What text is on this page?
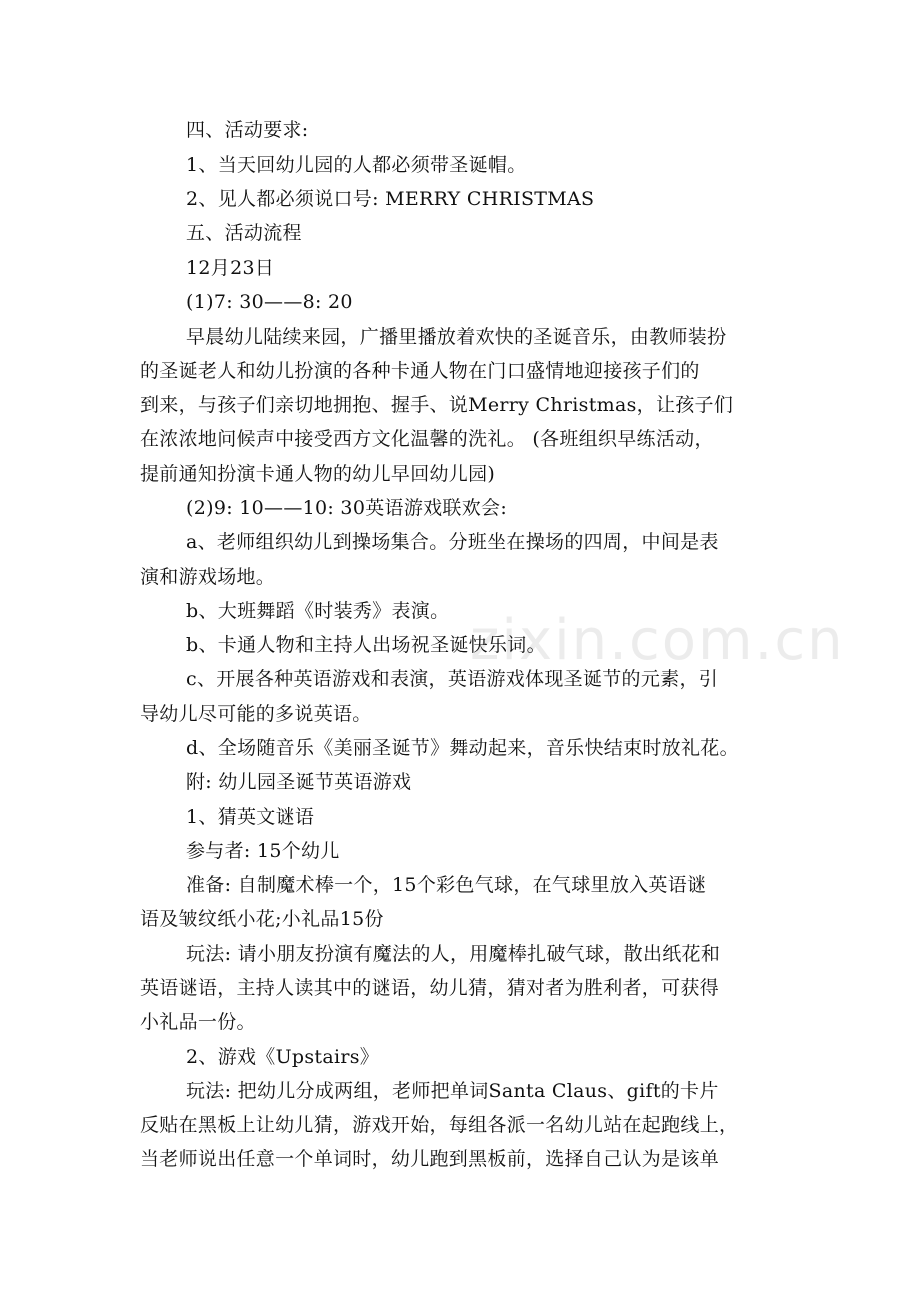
四、活动要求:
1、当天回幼儿园的人都必须带圣诞帽。
2、见人都必须说口号: MERRY CHRISTMAS
五、活动流程
12月23日
(1)7: 30——8: 20
早晨幼儿陆续来园，广播里播放着欢快的圣诞音乐，由教师装扮
的圣诞老人和幼儿扮演的各种卡通人物在门口盛情地迎接孩子们的
到来，与孩子们亲切地拥抱、握手、说Merry Christmas，让孩子们
在浓浓地问候声中接受西方文化温馨的洗礼。 (各班组织早练活动，
提前通知扮演卡通人物的幼儿早回幼儿园)
(2)9: 10——10: 30英语游戏联欢会:
a、老师组织幼儿到操场集合。分班坐在操场的四周，中间是表
演和游戏场地。
b、大班舞蹈《时装秀》表演。
b、卡通人物和主持人出场祝圣诞快乐词。
c、开展各种英语游戏和表演，英语游戏体现圣诞节的元素，引
导幼儿尽可能的多说英语。
d、全场随音乐《美丽圣诞节》舞动起来，音乐快结束时放礼花。
附: 幼儿园圣诞节英语游戏
1、猜英文谜语
参与者: 15个幼儿
准备: 自制魔术棒一个，15个彩色气球，在气球里放入英语谜
语及皱纹纸小花;小礼品15份
玩法: 请小朋友扮演有魔法的人，用魔棒扎破气球，散出纸花和
英语谜语，主持人读其中的谜语，幼儿猜，猜对者为胜利者，可获得
小礼品一份。
2、游戏《Upstairs》
玩法: 把幼儿分成两组，老师把单词Santa Claus、gift的卡片
反贴在黑板上让幼儿猜，游戏开始，每组各派一名幼儿站在起跑线上，
当老师说出任意一个单词时，幼儿跑到黑板前，选择自己认为是该单
zixin.com.cn
